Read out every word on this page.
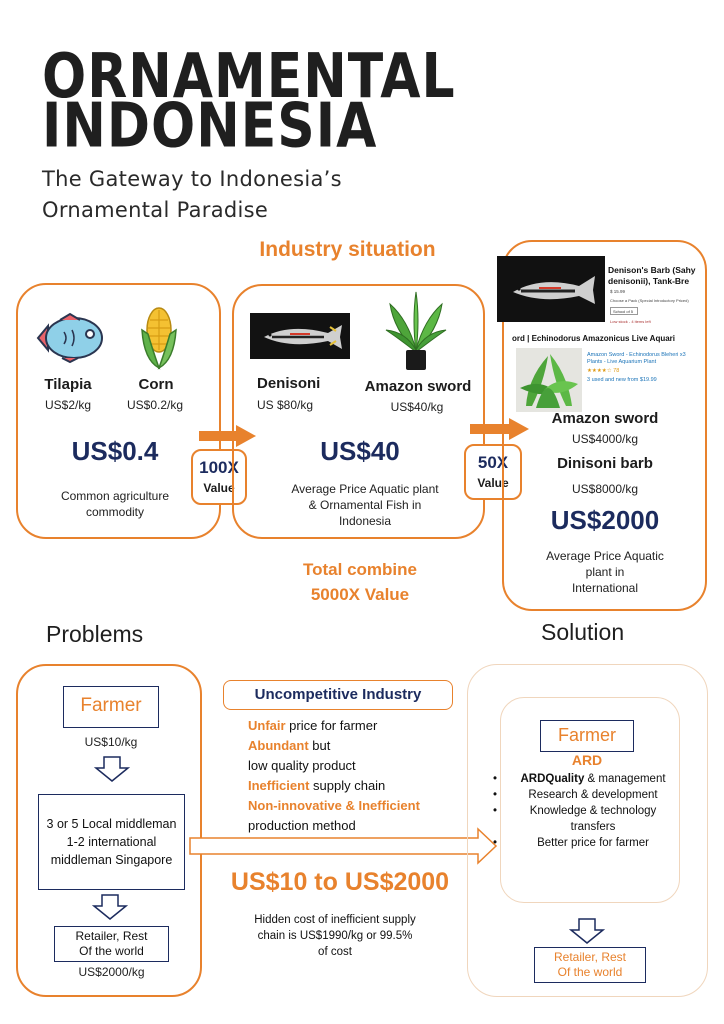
ORNAMENTAL
INDONESIA
The Gateway to Indonesia’s
Ornamental Paradise
Industry situation
Tilapia
US$2/kg
Corn
US$0.2/kg
US$0.4
Common agriculture
commodity
100X
Value
Denisoni
US $80/kg
Amazon sword
US$40/kg
US$40
Average Price Aquatic plant
& Ornamental Fish in
Indonesia
50X
Value
Total combine
5000X Value
Denison's Barb (Sahy
denisonii), Tank-Bre
$ 15.99
Choose a Pack (Special Introductory Priced)
School of 5
Low stock - 4 items left
ord | Echinodorus Amazonicus Live Aquari
Amazon Sword - Echinodorus Bleheri x3
Plants - Live Aquarium Plant
★★★★☆ 78
3 used and new from $19.99
Amazon sword
US$4000/kg
Dinisoni barb
US$8000/kg
US$2000
Average Price Aquatic
plant in
International
Problems	Solution
Farmer
US$10/kg
3 or 5 Local middleman
1-2 international
middleman Singapore
Retailer, Rest
Of the world
US$2000/kg
Uncompetitive Industry
Unfair price for farmer
Abundant but
low quality product
Inefficient supply chain
Non-innovative & Inefficient
production method
US$10 to US$2000
Hidden cost of inefficient supply
chain is US$1990/kg or 99.5%
of cost
Farmer
ARD
• ARDQuality & management
• Research & development
• Knowledge & technology
transfers
• Better price for farmer
Retailer, Rest
Of the world
